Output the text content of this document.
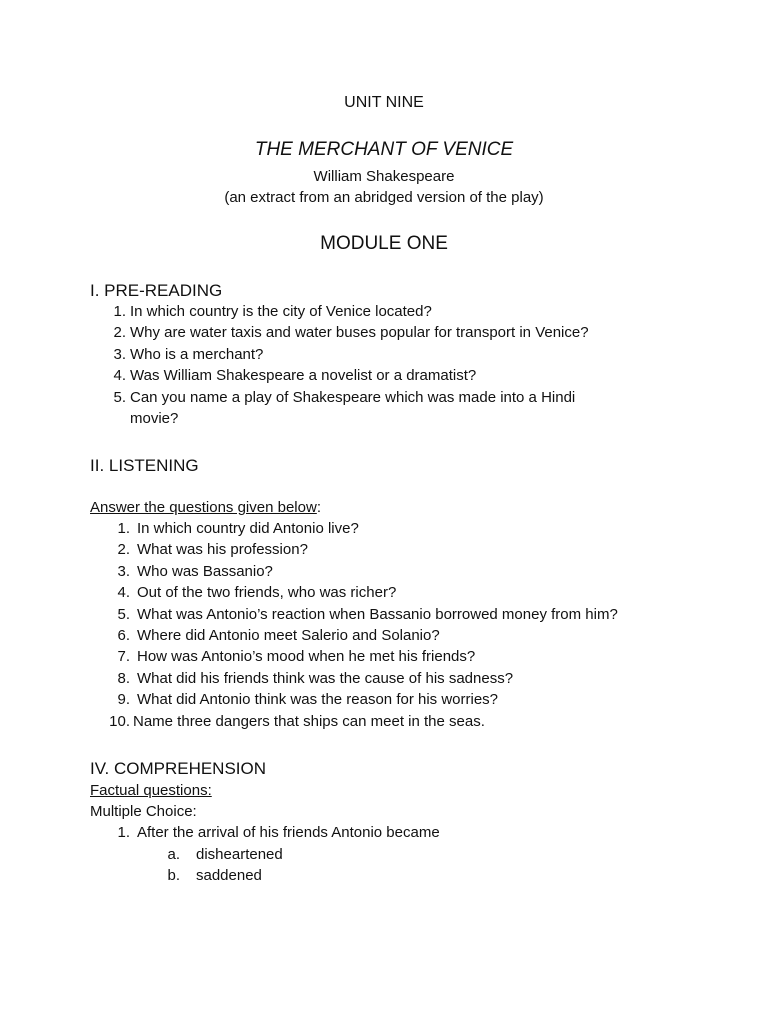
UNIT NINE
THE MERCHANT OF VENICE
William Shakespeare
(an extract from an abridged version of the play)
MODULE ONE
I. PRE-READING
1. In which country is the city of Venice located?
2. Why are water taxis and water buses popular for transport in Venice?
3. Who is a merchant?
4. Was William Shakespeare a novelist or a dramatist?
5. Can you name a play of Shakespeare which was made into a Hindi
movie?
II. LISTENING
Answer the questions given below:
1. In which country did Antonio live?
2. What was his profession?
3. Who was Bassanio?
4. Out of the two friends, who was richer?
5. What was Antonio’s reaction when Bassanio borrowed money from him?
6. Where did Antonio meet Salerio and Solanio?
7. How was Antonio’s mood when he met his friends?
8. What did his friends think was the cause of his sadness?
9. What did Antonio think was the reason for his worries?
10. Name three dangers that ships can meet in the seas.
IV. COMPREHENSION
Factual questions:
Multiple Choice:
1. After the arrival of his friends Antonio became
a. disheartened
b. saddened
